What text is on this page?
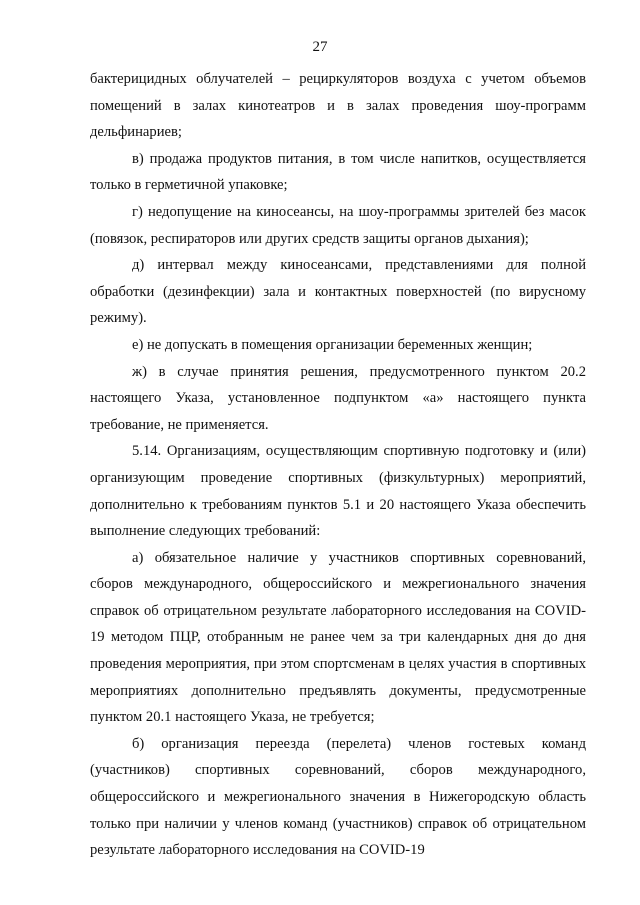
27

бактерицидных облучателей – рециркуляторов воздуха с учетом объемов помещений в залах кинотеатров и в залах проведения шоу-программ дельфинариев;

в) продажа продуктов питания, в том числе напитков, осуществляется только в герметичной упаковке;

г) недопущение на киносеансы, на шоу-программы зрителей без масок (повязок, респираторов или других средств защиты органов дыхания);

д) интервал между киносеансами, представлениями для полной обработки (дезинфекции) зала и контактных поверхностей (по вирусному режиму).

е) не допускать в помещения организации беременных женщин;

ж) в случае принятия решения, предусмотренного пунктом 20.2 настоящего Указа, установленное подпунктом «а» настоящего пункта требование, не применяется.

5.14. Организациям, осуществляющим спортивную подготовку и (или) организующим проведение спортивных (физкультурных) мероприятий, дополнительно к требованиям пунктов 5.1 и 20 настоящего Указа обеспечить выполнение следующих требований:

а) обязательное наличие у участников спортивных соревнований, сборов международного, общероссийского и межрегионального значения справок об отрицательном результате лабораторного исследования на COVID-19 методом ПЦР, отобранным не ранее чем за три календарных дня до дня проведения мероприятия, при этом спортсменам в целях участия в спортивных мероприятиях дополнительно предъявлять документы, предусмотренные пунктом 20.1 настоящего Указа, не требуется;

б) организация переезда (перелета) членов гостевых команд (участников) спортивных соревнований, сборов международного, общероссийского и межрегионального значения в Нижегородскую область только при наличии у членов команд (участников) справок об отрицательном результате лабораторного исследования на COVID-19
